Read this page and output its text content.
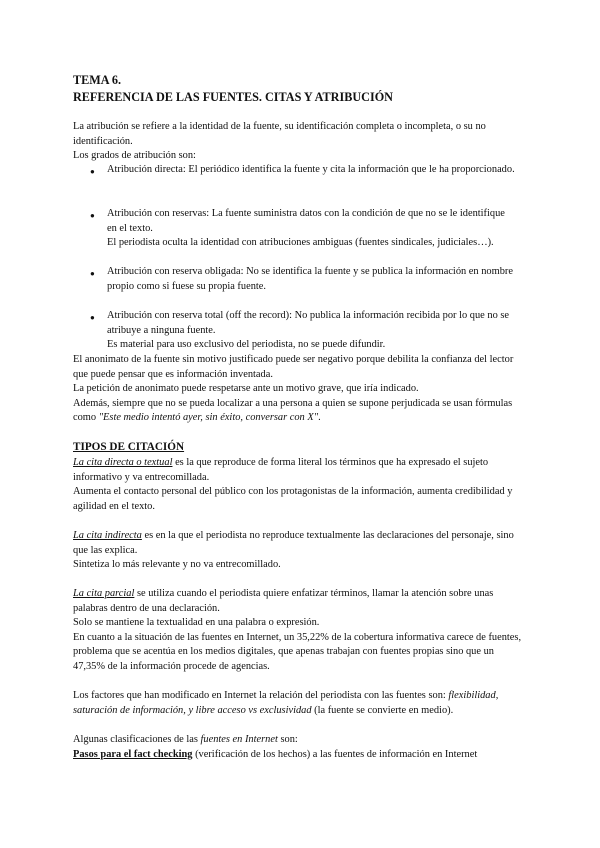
TEMA 6.
REFERENCIA DE LAS FUENTES. CITAS Y ATRIBUCIÓN

La atribución se refiere a la identidad de la fuente, su identificación completa o incompleta, o su no identificación.

Los grados de atribución son:

● Atribución directa: El periódico identifica la fuente y cita la información que le ha proporcionado.

● Atribución con reservas: La fuente suministra datos con la condición de que no se le identifique en el texto.

El periodista oculta la identidad con atribuciones ambiguas (fuentes sindicales, judiciales…).

● Atribución con reserva obligada: No se identifica la fuente y se publica la información en nombre propio como si fuese su propia fuente.

● Atribución con reserva total (off the record): No publica la información recibida por lo que no se atribuye a ninguna fuente.

Es material para uso exclusivo del periodista, no se puede difundir.

El anonimato de la fuente sin motivo justificado puede ser negativo porque debilita la confianza del lector que puede pensar que es información inventada.

La petición de anonimato puede respetarse ante un motivo grave, que iría indicado.

Además, siempre que no se pueda localizar a una persona a quien se supone perjudicada se usan fórmulas como "Este medio intentó ayer, sin éxito, conversar con X".

TIPOS DE CITACIÓN

La cita directa o textual es la que reproduce de forma literal los términos que ha expresado el sujeto informativo y va entrecomillada.

Aumenta el contacto personal del público con los protagonistas de la información, aumenta credibilidad y agilidad en el texto.

La cita indirecta es en la que el periodista no reproduce textualmente las declaraciones del personaje, sino que las explica.

Sintetiza lo más relevante y no va entrecomillado.

La cita parcial se utiliza cuando el periodista quiere enfatizar términos, llamar la atención sobre unas palabras dentro de una declaración.

Solo se mantiene la textualidad en una palabra o expresión.

En cuanto a la situación de las fuentes en Internet, un 35,22% de la cobertura informativa carece de fuentes, problema que se acentúa en los medios digitales, que apenas trabajan con fuentes propias sino que un 47,35% de la información procede de agencias.

Los factores que han modificado en Internet la relación del periodista con las fuentes son: flexibilidad, saturación de información, y libre acceso vs exclusividad (la fuente se convierte en medio).

Algunas clasificaciones de las fuentes en Internet son:

Pasos para el fact checking (verificación de los hechos) a las fuentes de información en Internet
